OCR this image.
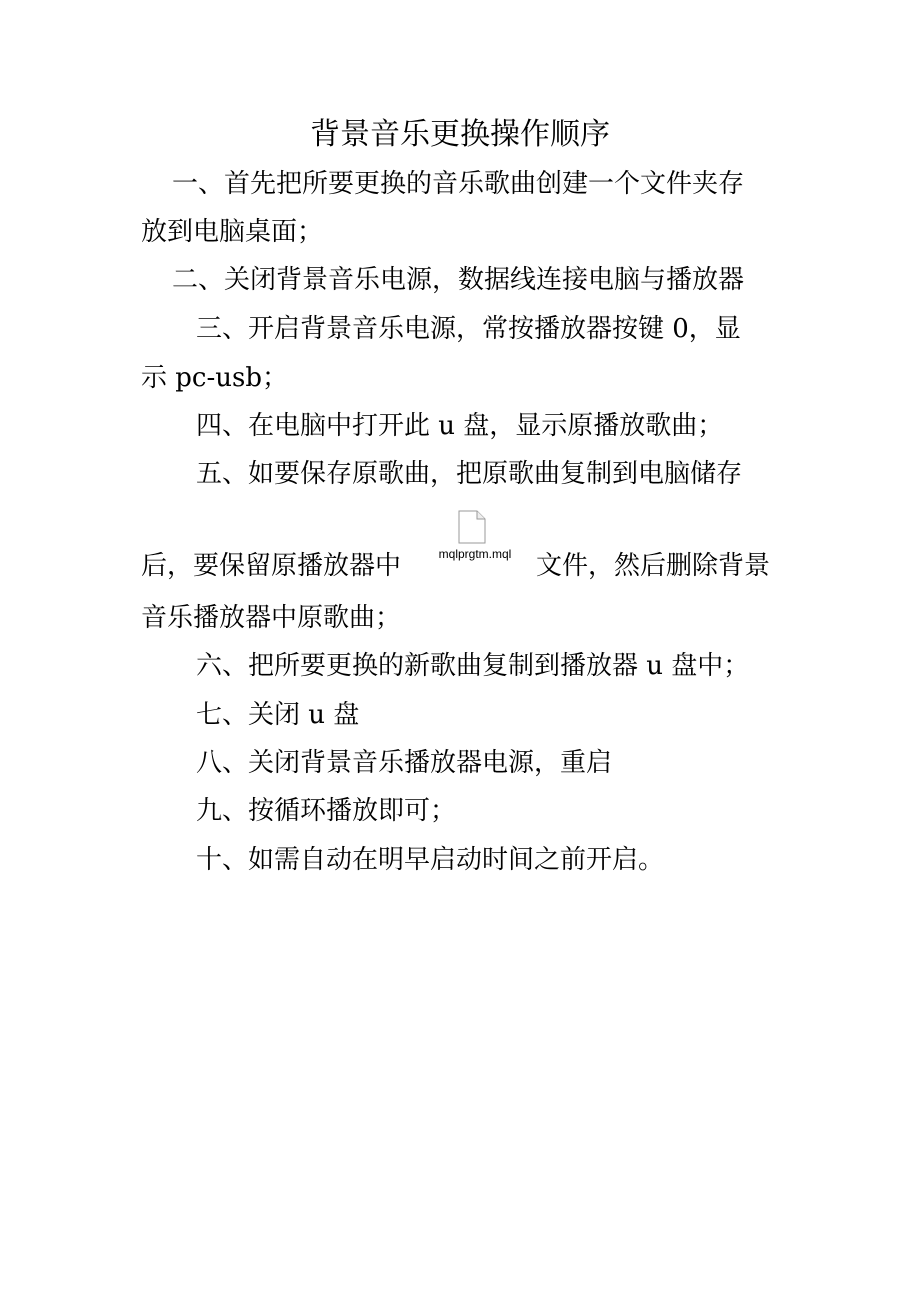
背景音乐更换操作顺序
一、首先把所要更换的音乐歌曲创建一个文件夹存
放到电脑桌面；
二、关闭背景音乐电源，数据线连接电脑与播放器
三、开启背景音乐电源，常按播放器按键 0，显
示 pc-usb；
四、在电脑中打开此 u 盘，显示原播放歌曲；
五、如要保存原歌曲，把原歌曲复制到电脑储存
后，要保留原播放器中	mqlprgtm.mql 文件，然后删除背景
音乐播放器中原歌曲；
六、把所要更换的新歌曲复制到播放器 u 盘中；
七、关闭 u 盘
八、关闭背景音乐播放器电源，重启
九、按循环播放即可；
十、如需自动在明早启动时间之前开启。
